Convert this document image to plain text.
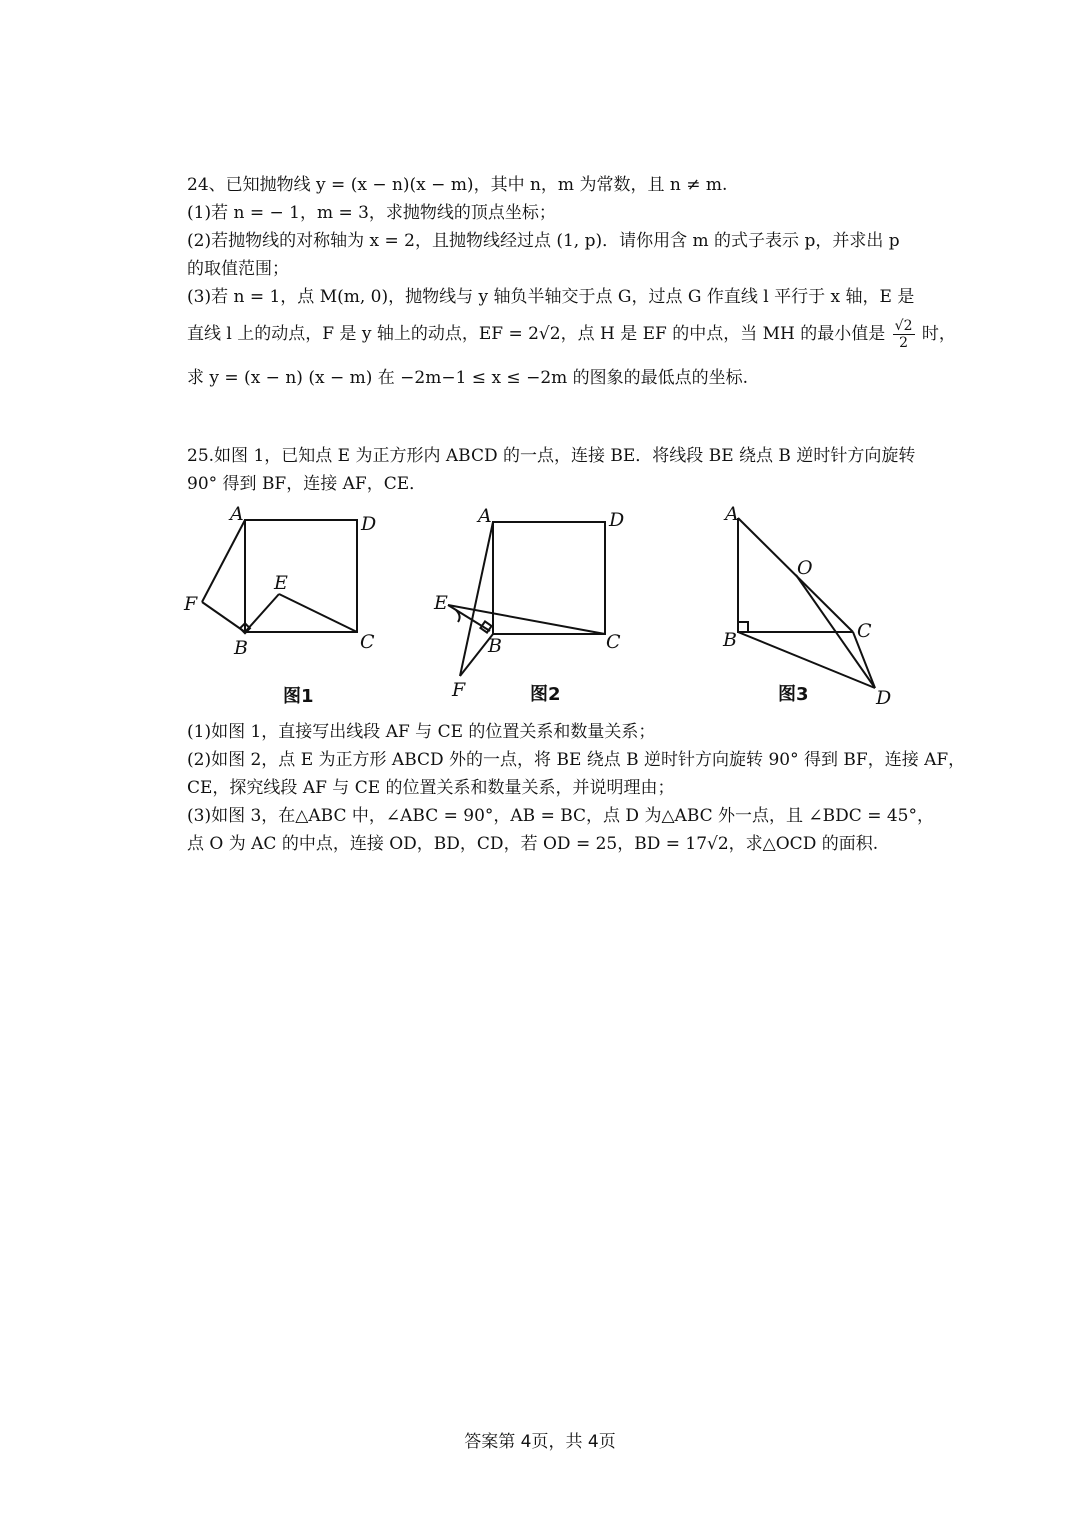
24、已知抛物线 y = (x − n)(x − m)，其中 n，m 为常数，且 n ≠ m.
(1)若 n = − 1，m = 3，求抛物线的顶点坐标；
(2)若抛物线的对称轴为 x = 2，且抛物线经过点 (1, p)．请你用含 m 的式子表示 p，并求出 p
的取值范围；
(3)若 n = 1，点 M(m, 0)，抛物线与 y 轴负半轴交于点 G，过点 G 作直线 l 平行于 x 轴，E 是
直线 l 上的动点，F 是 y 轴上的动点，EF = 2√2，点 H 是 EF 的中点，当 MH 的最小值是 $\frac{√2}{2}$ 时，
求 y = (x − n) (x − m) 在 −2m−1 ≤ x ≤ −2m 的图象的最低点的坐标.
25.如图 1，已知点 E 为正方形内 ABCD 的一点，连接 BE．将线段 BE 绕点 B 逆时针方向旋转
90° 得到 BF，连接 AF，CE．
A	D
E
F
B	C
图1
A	D
E
F
B	C
图2
A
O
B	C
D
图3
(1)如图 1，直接写出线段 AF 与 CE 的位置关系和数量关系；
(2)如图 2，点 E 为正方形 ABCD 外的一点，将 BE 绕点 B 逆时针方向旋转 90° 得到 BF，连接 AF，
CE，探究线段 AF 与 CE 的位置关系和数量关系，并说明理由；
(3)如图 3，在△ABC 中，∠ABC = 90°，AB = BC，点 D 为△ABC 外一点，且 ∠BDC = 45°，
点 O 为 AC 的中点，连接 OD，BD，CD，若 OD = 25，BD = 17√2，求△OCD 的面积.
答案第 4页，共 4页
